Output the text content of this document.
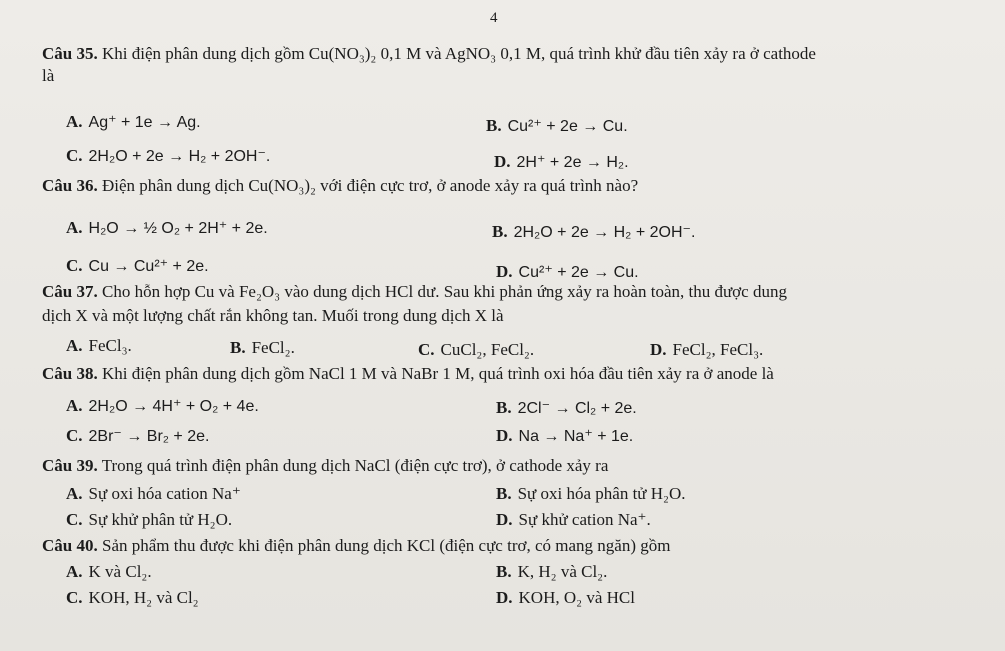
4
Câu 35. Khi điện phân dung dịch gồm Cu(NO₃)₂ 0,1 M và AgNO₃ 0,1 M, quá trình khử đầu tiên xảy ra ở cathode
là
A. Ag⁺ + 1e → Ag.	B. Cu²⁺ + 2e → Cu.
C. 2H₂O + 2e → H₂ + 2OH⁻.	D. 2H⁺ + 2e → H₂.
Câu 36. Điện phân dung dịch Cu(NO₃)₂ với điện cực trơ, ở anode xảy ra quá trình nào?
A. H₂O → ½ O₂ + 2H⁺ + 2e.	B. 2H₂O + 2e → H₂ + 2OH⁻.
C. Cu → Cu²⁺ + 2e.	D. Cu²⁺ + 2e → Cu.
Câu 37. Cho hỗn hợp Cu và Fe₂O₃ vào dung dịch HCl dư. Sau khi phản ứng xảy ra hoàn toàn, thu được dung
dịch X và một lượng chất rắn không tan. Muối trong dung dịch X là
A. FeCl₃.	B. FeCl₂.	C. CuCl₂, FeCl₂.	D. FeCl₂, FeCl₃.
Câu 38. Khi điện phân dung dịch gồm NaCl 1 M và NaBr 1 M, quá trình oxi hóa đầu tiên xảy ra ở anode là
A. 2H₂O → 4H⁺ + O₂ + 4e.	B. 2Cl⁻ → Cl₂ + 2e.
C. 2Br⁻ → Br₂ + 2e.	D. Na → Na⁺ + 1e.
Câu 39. Trong quá trình điện phân dung dịch NaCl (điện cực trơ), ở cathode xảy ra
A. Sự oxi hóa cation Na⁺	B. Sự oxi hóa phân tử H₂O.
C. Sự khử phân tử H₂O.	D. Sự khử cation Na⁺.
Câu 40. Sản phẩm thu được khi điện phân dung dịch KCl (điện cực trơ, có mang ngăn) gồm
A. K và Cl₂.	B. K, H₂ và Cl₂.
C. KOH, H₂ và Cl₂	D. KOH, O₂ và HCl
